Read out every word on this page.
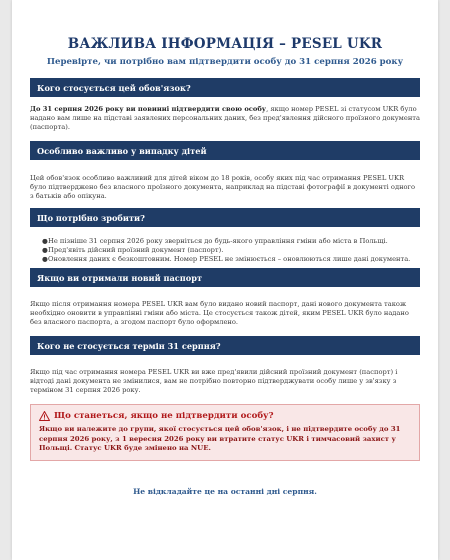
ВАЖЛИВА ІНФОРМАЦІЯ – PESEL UKR
Перевірте, чи потрібно вам підтвердити особу до 31 серпня 2026 року
Кого стосується цей обов'язок?

До 31 серпня 2026 року ви повинні підтвердити свою особу, якщо номер PESEL зі статусом UKR було надано вам лише на підставі заявлених персональних даних, без пред'явлення дійсного проїзного документа (паспорта).

Особливо важливо у випадку дітей

Цей обов'язок особливо важливий для дітей віком до 18 років, особу яких під час отримання PESEL UKR було підтверджено без власного проїзного документа, наприклад на підставі фотографії в документі одного з батьків або опікуна.

Що потрібно зробити?
● Не пізніше 31 серпня 2026 року зверніться до будь-якого управління гміни або міста в Польщі.
● Пред'явіть дійсний проїзний документ (паспорт).
● Оновлення даних є безкоштовним. Номер PESEL не змінюється – оновлюються лише дані документа.
Якщо ви отримали новий паспорт

Якщо після отримання номера PESEL UKR вам було видано новий паспорт, дані нового документа також необхідно оновити в управлінні гміни або міста. Це стосується також дітей, яким PESEL UKR було надано без власного паспорта, а згодом паспорт було оформлено.

Кого не стосується термін 31 серпня?

Якщо під час отримання номера PESEL UKR ви вже пред'явили дійсний проїзний документ (паспорт) і відтоді дані документа не змінилися, вам не потрібно повторно підтверджувати особу лише у зв'язку з терміном 31 серпня 2026 року.

Що станеться, якщо не підтвердити особу?

Якщо ви належите до групи, якої стосується цей обов'язок, і не підтвердите особу до 31 серпня 2026 року, з 1 вересня 2026 року ви втратите статус UKR і тимчасовий захист у Польщі. Статус UKR буде змінено на NUE.

Не відкладайте це на останні дні серпня.
